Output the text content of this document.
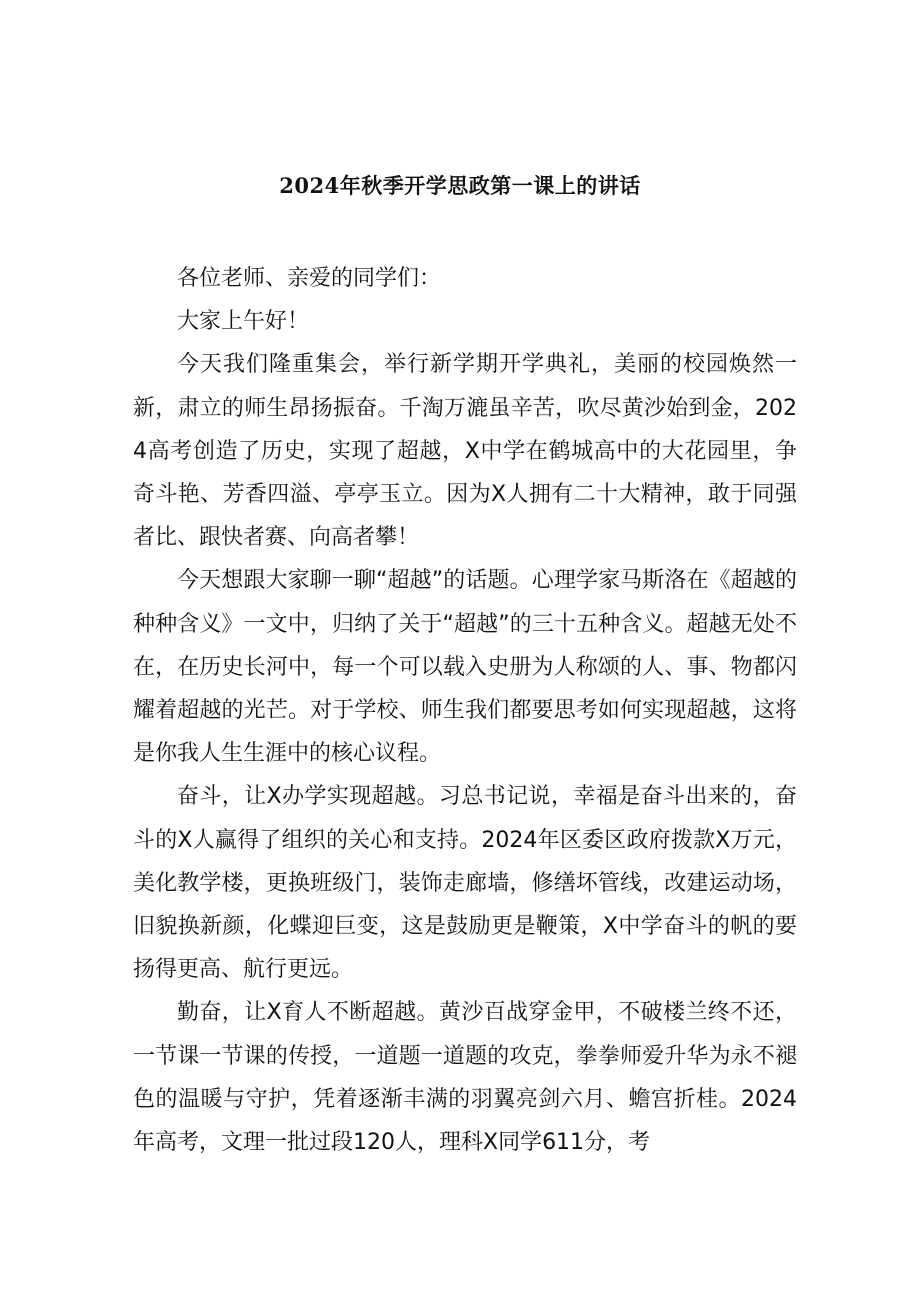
2024年秋季开学思政第一课上的讲话

各位老师、亲爱的同学们：

大家上午好！

今天我们隆重集会，举行新学期开学典礼，美丽的校园焕然一新，肃立的师生昂扬振奋。千淘万漉虽辛苦，吹尽黄沙始到金，2024高考创造了历史，实现了超越，X中学在鹤城高中的大花园里，争奇斗艳、芳香四溢、亭亭玉立。因为X人拥有二十大精神，敢于同强者比、跟快者赛、向高者攀！

今天想跟大家聊一聊“超越”的话题。心理学家马斯洛在《超越的种种含义》一文中，归纳了关于“超越”的三十五种含义。超越无处不在，在历史长河中，每一个可以载入史册为人称颂的人、事、物都闪耀着超越的光芒。对于学校、师生我们都要思考如何实现超越，这将是你我人生生涯中的核心议程。

奋斗，让X办学实现超越。习总书记说，幸福是奋斗出来的，奋斗的X人赢得了组织的关心和支持。2024年区委区政府拨款X万元，美化教学楼，更换班级门，装饰走廊墙，修缮坏管线，改建运动场，旧貌换新颜，化蝶迎巨变，这是鼓励更是鞭策，X中学奋斗的帆的要扬得更高、航行更远。

勤奋，让X育人不断超越。黄沙百战穿金甲，不破楼兰终不还，一节课一节课的传授，一道题一道题的攻克，拳拳师爱升华为永不褪色的温暖与守护，凭着逐渐丰满的羽翼亮剑六月、蟾宫折桂。2024年高考，文理一批过段120人，理科X同学611分，考
